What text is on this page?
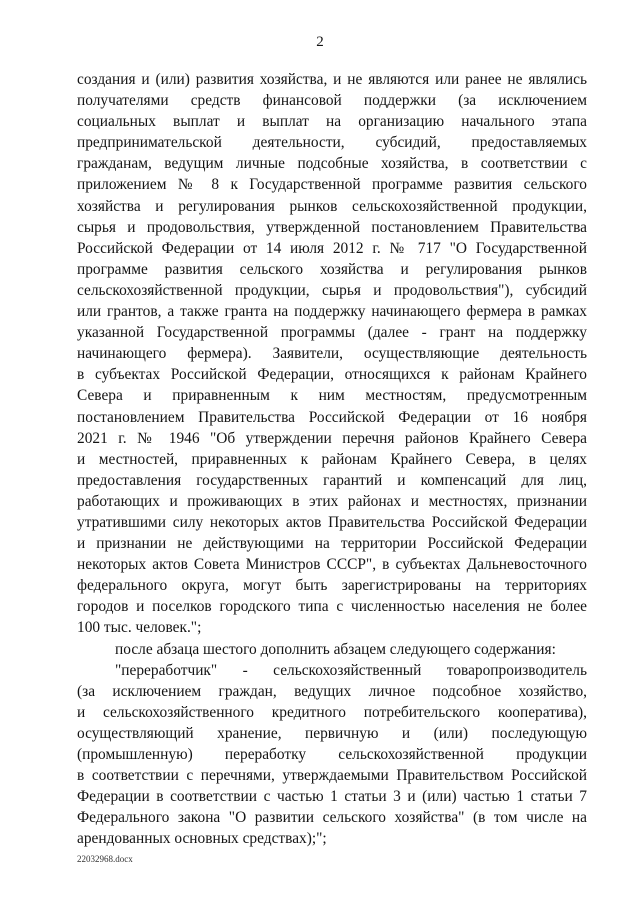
2
создания и (или) развития хозяйства, и не являются или ранее не являлись
получателями средств финансовой поддержки (за исключением
социальных выплат и выплат на организацию начального этапа
предпринимательской деятельности, субсидий, предоставляемых
гражданам, ведущим личные подсобные хозяйства, в соответствии с
приложением № 8 к Государственной программе развития сельского
хозяйства и регулирования рынков сельскохозяйственной продукции,
сырья и продовольствия, утвержденной постановлением Правительства
Российской Федерации от 14 июля 2012 г. № 717 "О Государственной
программе развития сельского хозяйства и регулирования рынков
сельскохозяйственной продукции, сырья и продовольствия"), субсидий
или грантов, а также гранта на поддержку начинающего фермера в рамках
указанной Государственной программы (далее - грант на поддержку
начинающего фермера). Заявители, осуществляющие деятельность
в субъектах Российской Федерации, относящихся к районам Крайнего
Севера и приравненным к ним местностям, предусмотренным
постановлением Правительства Российской Федерации от 16 ноября
2021 г. № 1946 "Об утверждении перечня районов Крайнего Севера
и местностей, приравненных к районам Крайнего Севера, в целях
предоставления государственных гарантий и компенсаций для лиц,
работающих и проживающих в этих районах и местностях, признании
утратившими силу некоторых актов Правительства Российской Федерации
и признании не действующими на территории Российской Федерации
некоторых актов Совета Министров СССР", в субъектах Дальневосточного
федерального округа, могут быть зарегистрированы на территориях
городов и поселков городского типа с численностью населения не более
100 тыс. человек.";
после абзаца шестого дополнить абзацем следующего содержания:
"переработчик" - сельскохозяйственный товаропроизводитель
(за исключением граждан, ведущих личное подсобное хозяйство,
и сельскохозяйственного кредитного потребительского кооператива),
осуществляющий хранение, первичную и (или) последующую
(промышленную) переработку сельскохозяйственной продукции
в соответствии с перечнями, утверждаемыми Правительством Российской
Федерации в соответствии с частью 1 статьи 3 и (или) частью 1 статьи 7
Федерального закона "О развитии сельского хозяйства" (в том числе на
арендованных основных средствах);";
22032968.docx
